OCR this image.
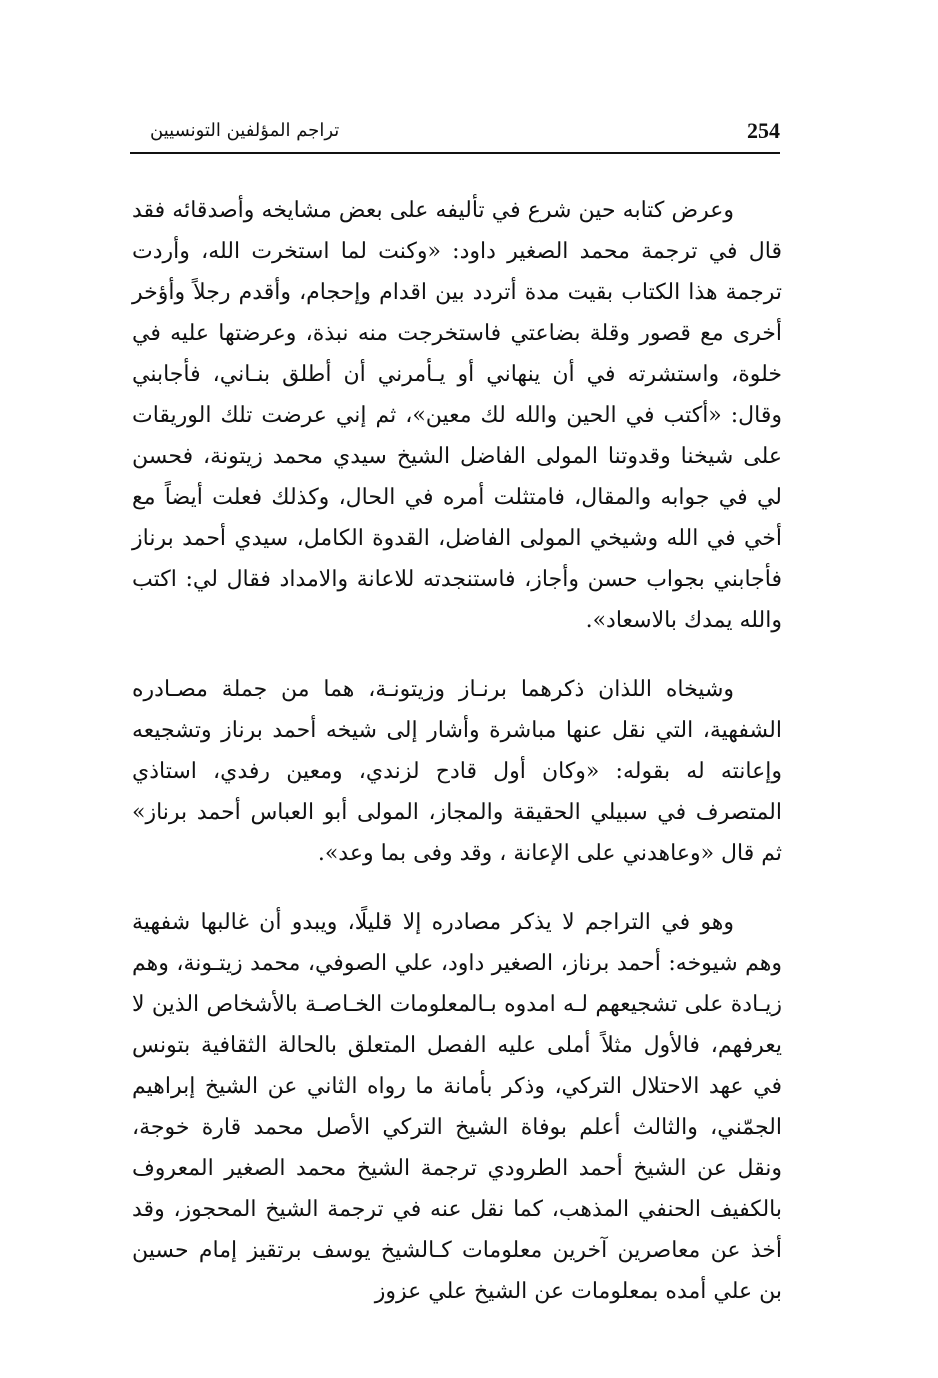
254
تراجم المؤلفين التونسيين

وعرض كتابه حين شرع في تأليفه على بعض مشايخه وأصدقائه فقد قال في ترجمة محمد الصغير داود: «وكنت لما استخرت الله، وأردت ترجمة هذا الكتاب بقيت مدة أتردد بين اقدام وإحجام، وأقدم رجلاً وأؤخر أخرى مع قصور وقلة بضاعتي فاستخرجت منه نبذة، وعرضتها عليه في خلوة، واستشرته في أن ينهاني أو يـأمرني أن أطلق بنـاني، فأجابني وقال: «أكتب في الحين والله لك معين»، ثم إني عرضت تلك الوريقات على شيخنا وقدوتنا المولى الفاضل الشيخ سيدي محمد زيتونة، فحسن لي في جوابه والمقال، فامتثلت أمره في الحال، وكذلك فعلت أيضاً مع أخي في الله وشيخي المولى الفاضل، القدوة الكامل، سيدي أحمد برناز فأجابني بجواب حسن وأجاز، فاستنجدته للاعانة والامداد فقال لي: اكتب والله يمدك بالاسعاد».

وشيخاه اللذان ذكرهما برنـاز وزيتونـة، هما من جملة مصـادره الشفهية، التي نقل عنها مباشرة وأشار إلى شيخه أحمد برناز وتشجيعه وإعانته له بقوله: «وكان أول قادح لزندي، ومعين رفدي، استاذي المتصرف في سبيلي الحقيقة والمجاز، المولى أبو العباس أحمد برناز» ثم قال «وعاهدني على الإعانة ، وقد وفى بما وعد».

وهو في التراجم لا يذكر مصادره إلا قليلًا، ويبدو أن غالبها شفهية وهم شيوخه: أحمد برناز، الصغير داود، علي الصوفي، محمد زيتـونة، وهم زيـادة على تشجيعهم لـه امدوه بـالمعلومات الخـاصـة بالأشخاص الذين لا يعرفهم، فالأول مثلاً أملى عليه الفصل المتعلق بالحالة الثقافية بتونس في عهد الاحتلال التركي، وذكر بأمانة ما رواه الثاني عن الشيخ إبراهيم الجمّني، والثالث أعلم بوفاة الشيخ التركي الأصل محمد قارة خوجة، ونقل عن الشيخ أحمد الطرودي ترجمة الشيخ محمد الصغير المعروف بالكفيف الحنفي المذهب، كما نقل عنه في ترجمة الشيخ المحجوز، وقد أخذ عن معاصرين آخرين معلومات كـالشيخ يوسف برتقيز إمام حسين بن علي أمده بمعلومات عن الشيخ علي عزوز
